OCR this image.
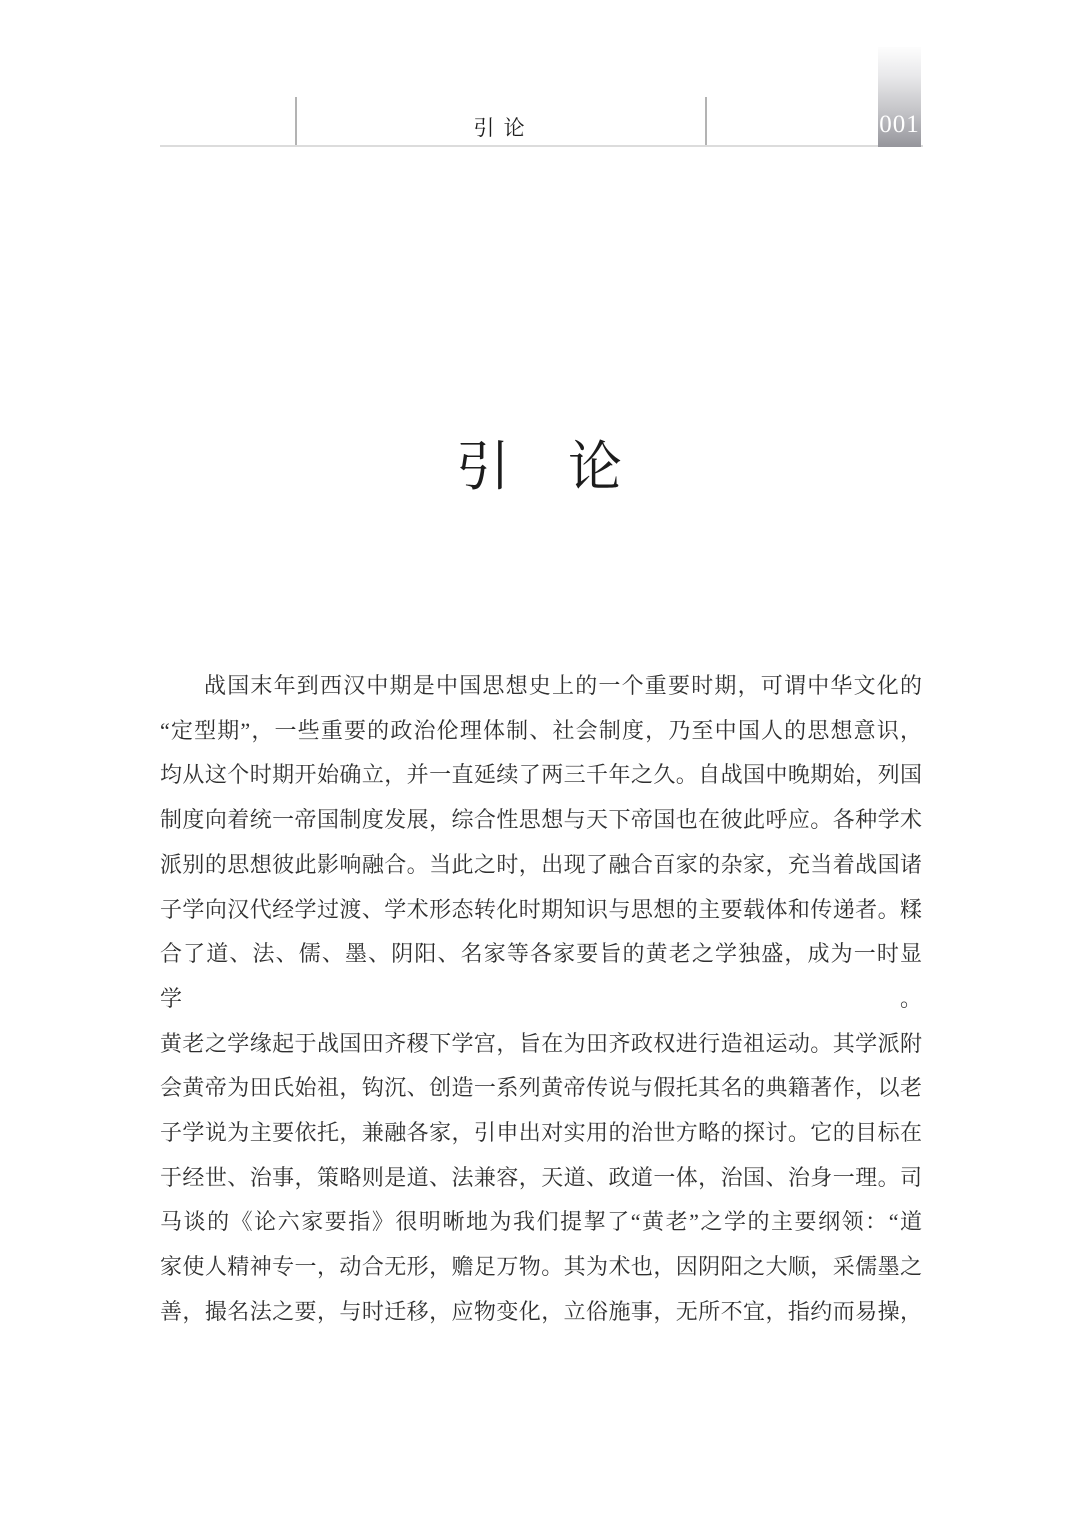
引 论	001
引　论
战国末年到西汉中期是中国思想史上的一个重要时期，可谓中华文化的
“定型期”，一些重要的政治伦理体制、社会制度，乃至中国人的思想意识，
均从这个时期开始确立，并一直延续了两三千年之久。自战国中晚期始，列国
制度向着统一帝国制度发展，综合性思想与天下帝国也在彼此呼应。各种学术
派别的思想彼此影响融合。当此之时，出现了融合百家的杂家，充当着战国诸
子学向汉代经学过渡、学术形态转化时期知识与思想的主要载体和传递者。糅
合了道、法、儒、墨、阴阳、名家等各家要旨的黄老之学独盛，成为一时显学。
黄老之学缘起于战国田齐稷下学宫，旨在为田齐政权进行造祖运动。其学派附
会黄帝为田氏始祖，钩沉、创造一系列黄帝传说与假托其名的典籍著作，以老
子学说为主要依托，兼融各家，引申出对实用的治世方略的探讨。它的目标在
于经世、治事，策略则是道、法兼容，天道、政道一体，治国、治身一理。司
马谈的《论六家要指》很明晰地为我们提挈了“黄老”之学的主要纲领：“道
家使人精神专一，动合无形，赡足万物。其为术也，因阴阳之大顺，采儒墨之
善，撮名法之要，与时迁移，应物变化，立俗施事，无所不宜，指约而易操，
